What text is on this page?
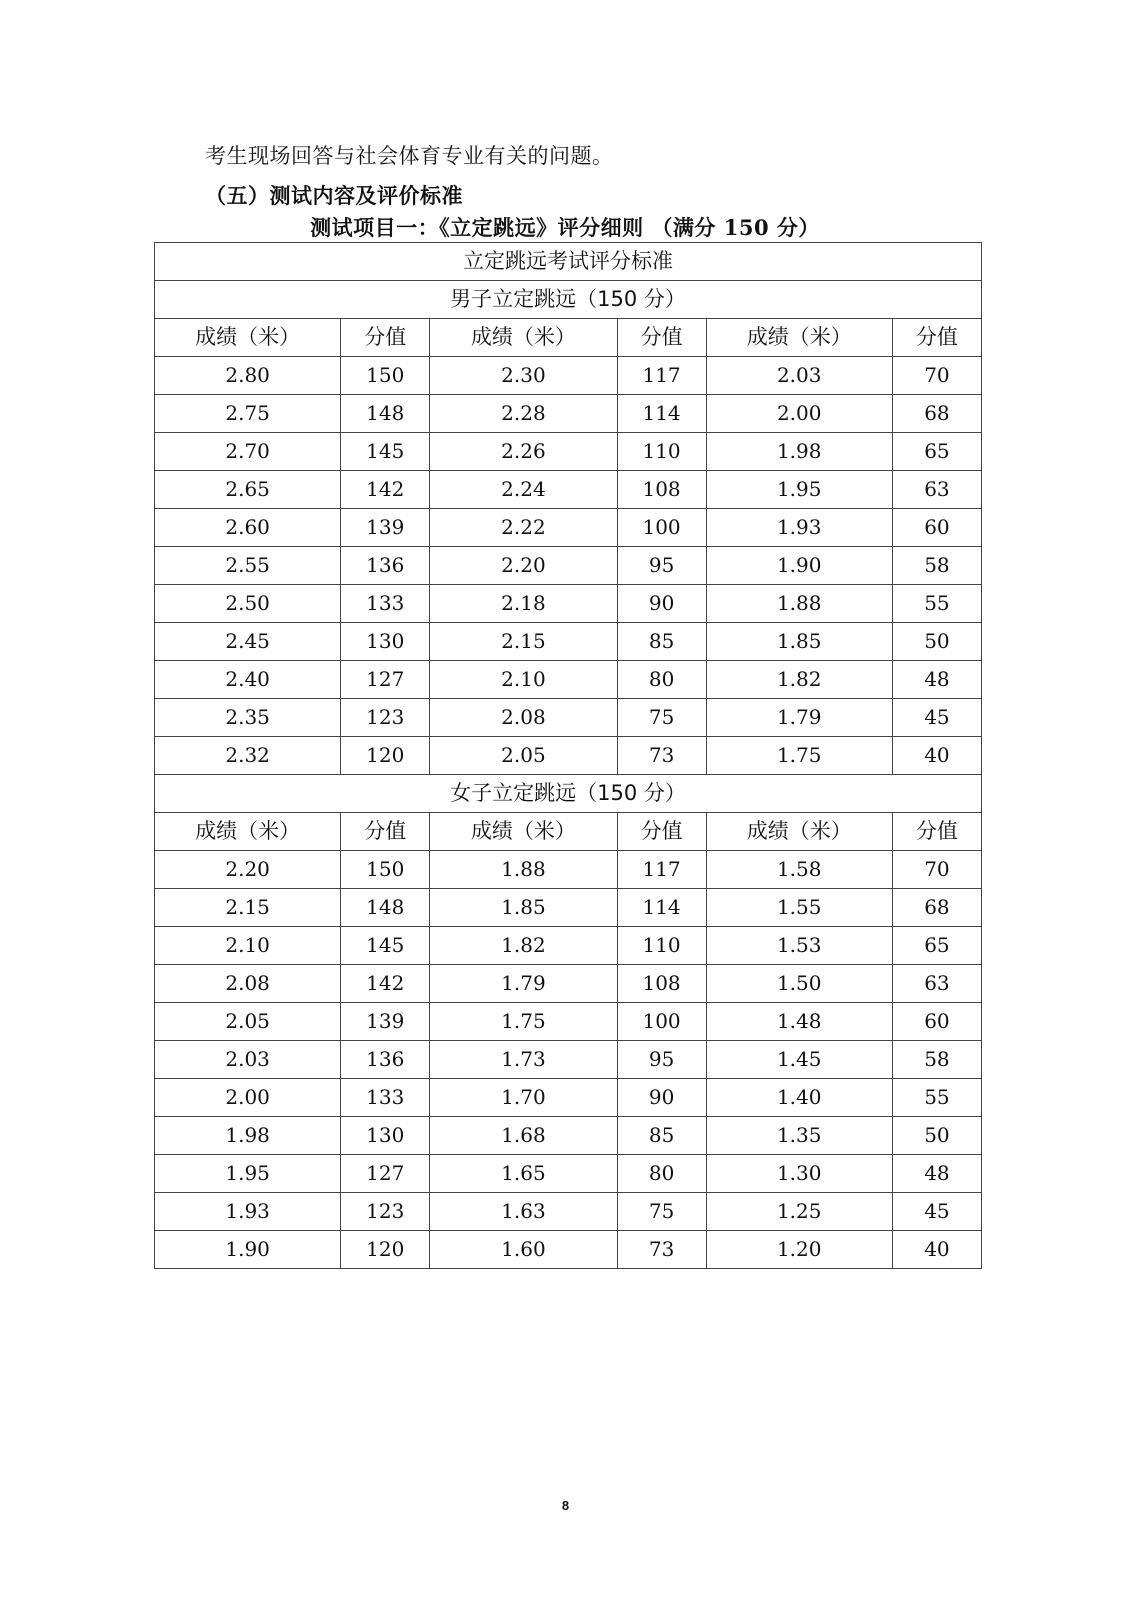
考生现场回答与社会体育专业有关的问题。
（五）测试内容及评价标准
测试项目一：《立定跳远》评分细则 （满分 150 分）
立定跳远考试评分标准					
男子立定跳远（150 分）					
成绩（米）	分值	成绩（米）	分值	成绩（米）	分值
2.80	150	2.30	117	2.03	70
2.75	148	2.28	114	2.00	68
2.70	145	2.26	110	1.98	65
2.65	142	2.24	108	1.95	63
2.60	139	2.22	100	1.93	60
2.55	136	2.20	95	1.90	58
2.50	133	2.18	90	1.88	55
2.45	130	2.15	85	1.85	50
2.40	127	2.10	80	1.82	48
2.35	123	2.08	75	1.79	45
2.32	120	2.05	73	1.75	40
女子立定跳远（150 分）					
成绩（米）	分值	成绩（米）	分值	成绩（米）	分值
2.20	150	1.88	117	1.58	70
2.15	148	1.85	114	1.55	68
2.10	145	1.82	110	1.53	65
2.08	142	1.79	108	1.50	63
2.05	139	1.75	100	1.48	60
2.03	136	1.73	95	1.45	58
2.00	133	1.70	90	1.40	55
1.98	130	1.68	85	1.35	50
1.95	127	1.65	80	1.30	48
1.93	123	1.63	75	1.25	45
1.90	120	1.60	73	1.20	40
8
